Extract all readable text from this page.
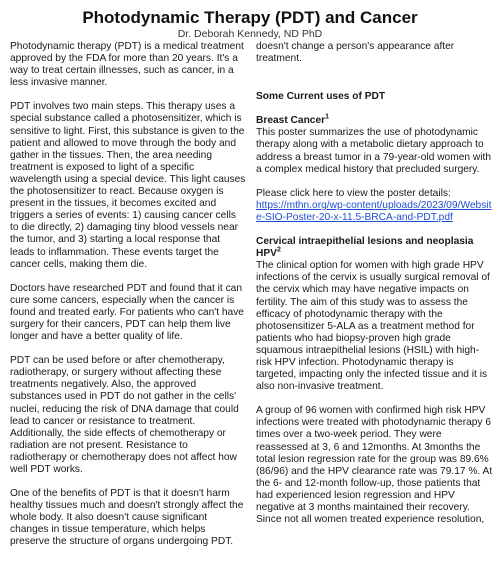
Photodynamic Therapy (PDT) and Cancer
Dr. Deborah Kennedy, ND PhD

Photodynamic therapy (PDT) is a medical treatment approved by the FDA for more than 20 years. It's a way to treat certain illnesses, such as cancer, in a less invasive manner.

PDT involves two main steps. This therapy uses a special substance called a photosensitizer, which is sensitive to light. First, this substance is given to the patient and allowed to move through the body and gather in the tissues. Then, the area needing treatment is exposed to light of a specific wavelength using a special device. This light causes the photosensitizer to react. Because oxygen is present in the tissues, it becomes excited and triggers a series of events: 1) causing cancer cells to die directly, 2) damaging tiny blood vessels near the tumor, and 3) starting a local response that leads to inflammation. These events target the cancer cells, making them die.

Doctors have researched PDT and found that it can cure some cancers, especially when the cancer is found and treated early. For patients who can't have surgery for their cancers, PDT can help them live longer and have a better quality of life.

PDT can be used before or after chemotherapy, radiotherapy, or surgery without affecting these treatments negatively. Also, the approved substances used in PDT do not gather in the cells' nuclei, reducing the risk of DNA damage that could lead to cancer or resistance to treatment. Additionally, the side effects of chemotherapy or radiation are not present. Resistance to radiotherapy or chemotherapy does not affect how well PDT works.

One of the benefits of PDT is that it doesn't harm healthy tissues much and doesn't strongly affect the whole body. It also doesn't cause significant changes in tissue temperature, which helps preserve the structure of organs undergoing PDT.

doesn't change a person's appearance after treatment.

Some Current uses of PDT

Breast Cancer$^1$

This poster summarizes the use of photodynamic therapy along with a metabolic dietary approach to address a breast tumor in a 79-year-old women with a complex medical history that precluded surgery.

Please click here to view the poster details:
https://mthn.org/wp-content/uploads/2023/09/Website-SIO-Poster-20-x-11.5-BRCA-and-PDT.pdf

Cervical intraepithelial lesions and neoplasia HPV$^2$

The clinical option for women with high grade HPV infections of the cervix is usually surgical removal of the cervix which may have negative impacts on fertility. The aim of this study was to assess the efficacy of photodynamic therapy with the photosensitizer 5-ALA as a treatment method for patients who had biopsy-proven high grade squamous intraepithelial lesions (HSIL) with high-risk HPV infection. Photodynamic therapy is targeted, impacting only the infected tissue and it is also non-invasive treatment.

A group of 96 women with confirmed high risk HPV infections were treated with photodynamic therapy 6 times over a two-week period. They were reassessed at 3, 6 and 12months. At 3months the total lesion regression rate for the group was 89.6% (86/96) and the HPV clearance rate was 79.17 %. At the 6- and 12-month follow-up, those patients that had experienced lesion regression and HPV negative at 3 months maintained their recovery. Since not all women treated experience resolution,
